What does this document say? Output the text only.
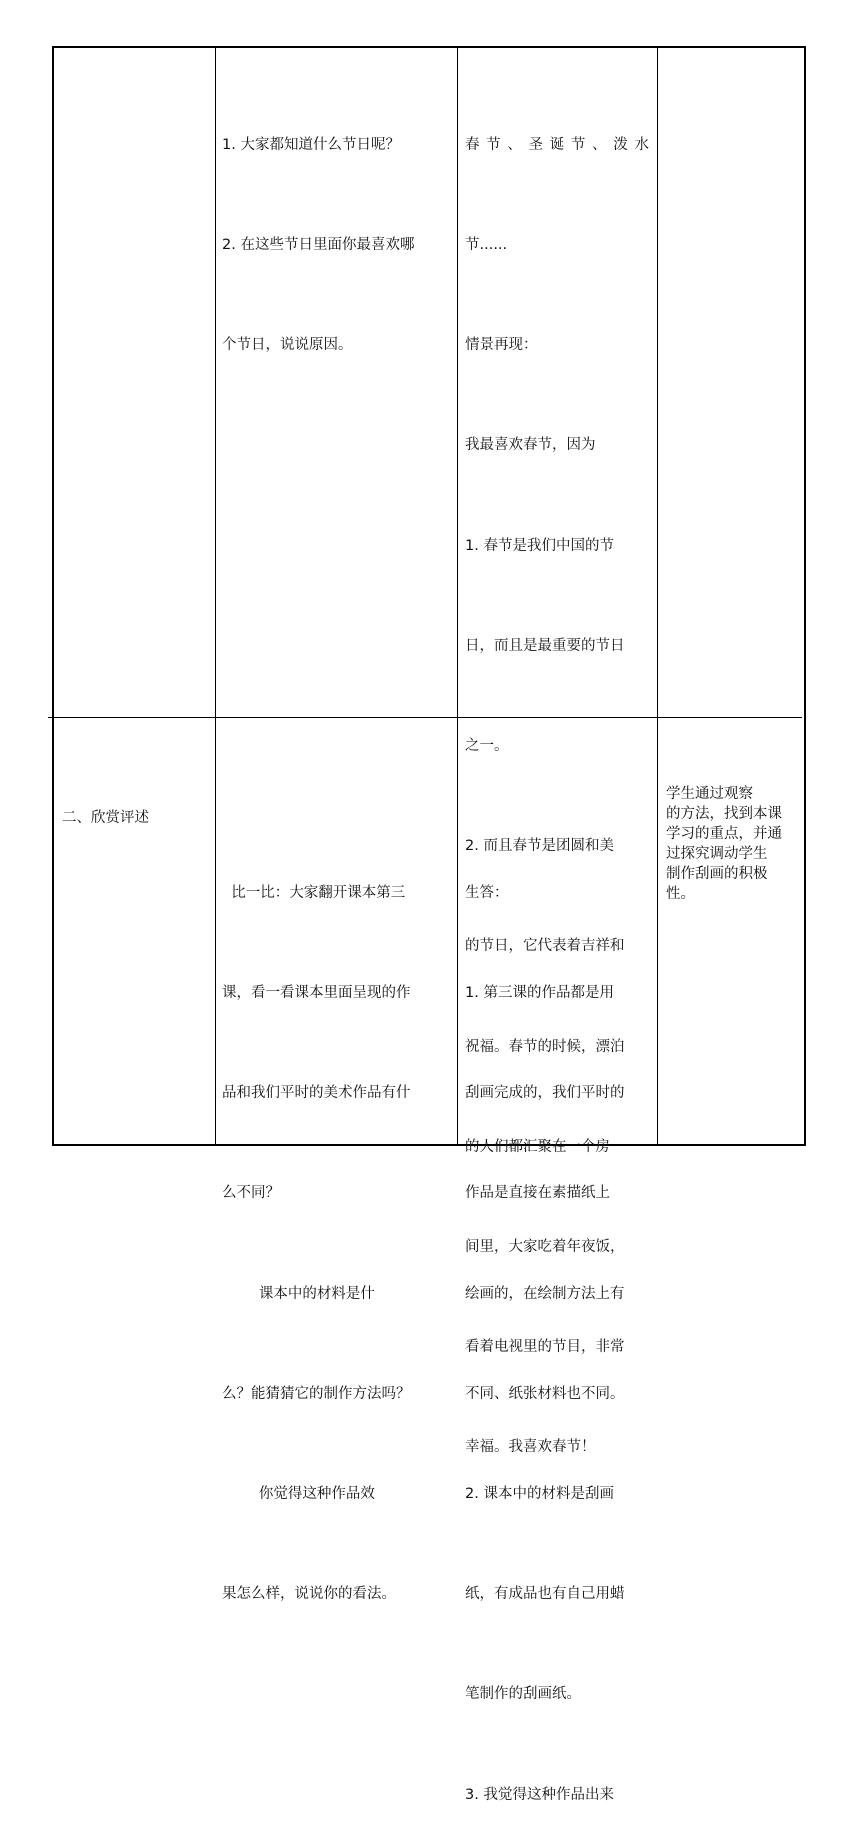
1. 大家都知道什么节日呢？

2. 在这些节日里面你最喜欢哪

个节日，说说原因。

春节、圣诞节、泼水

节......

情景再现：

我最喜欢春节，因为

1. 春节是我们中国的节

日，而且是最重要的节日

之一。

2. 而且春节是团圆和美

的节日，它代表着吉祥和

祝福。春节的时候，漂泊

的人们都汇聚在一个房

间里，大家吃着年夜饭，

看着电视里的节目，非常

幸福。我喜欢春节！

二、欣赏评述

比一比：大家翻开课本第三

课，看一看课本里面呈现的作

品和我们平时的美术作品有什

么不同？

课本中的材料是什

么？能猜猜它的制作方法吗？

你觉得这种作品效

果怎么样，说说你的看法。

生答：

1. 第三课的作品都是用

刮画完成的，我们平时的

作品是直接在素描纸上

绘画的，在绘制方法上有

不同、纸张材料也不同。

2. 课本中的材料是刮画

纸，有成品也有自己用蜡

笔制作的刮画纸。

3. 我觉得这种作品出来

学生通过观察
的方法，找到本课
学习的重点，并通
过探究调动学生
制作刮画的积极
性。
